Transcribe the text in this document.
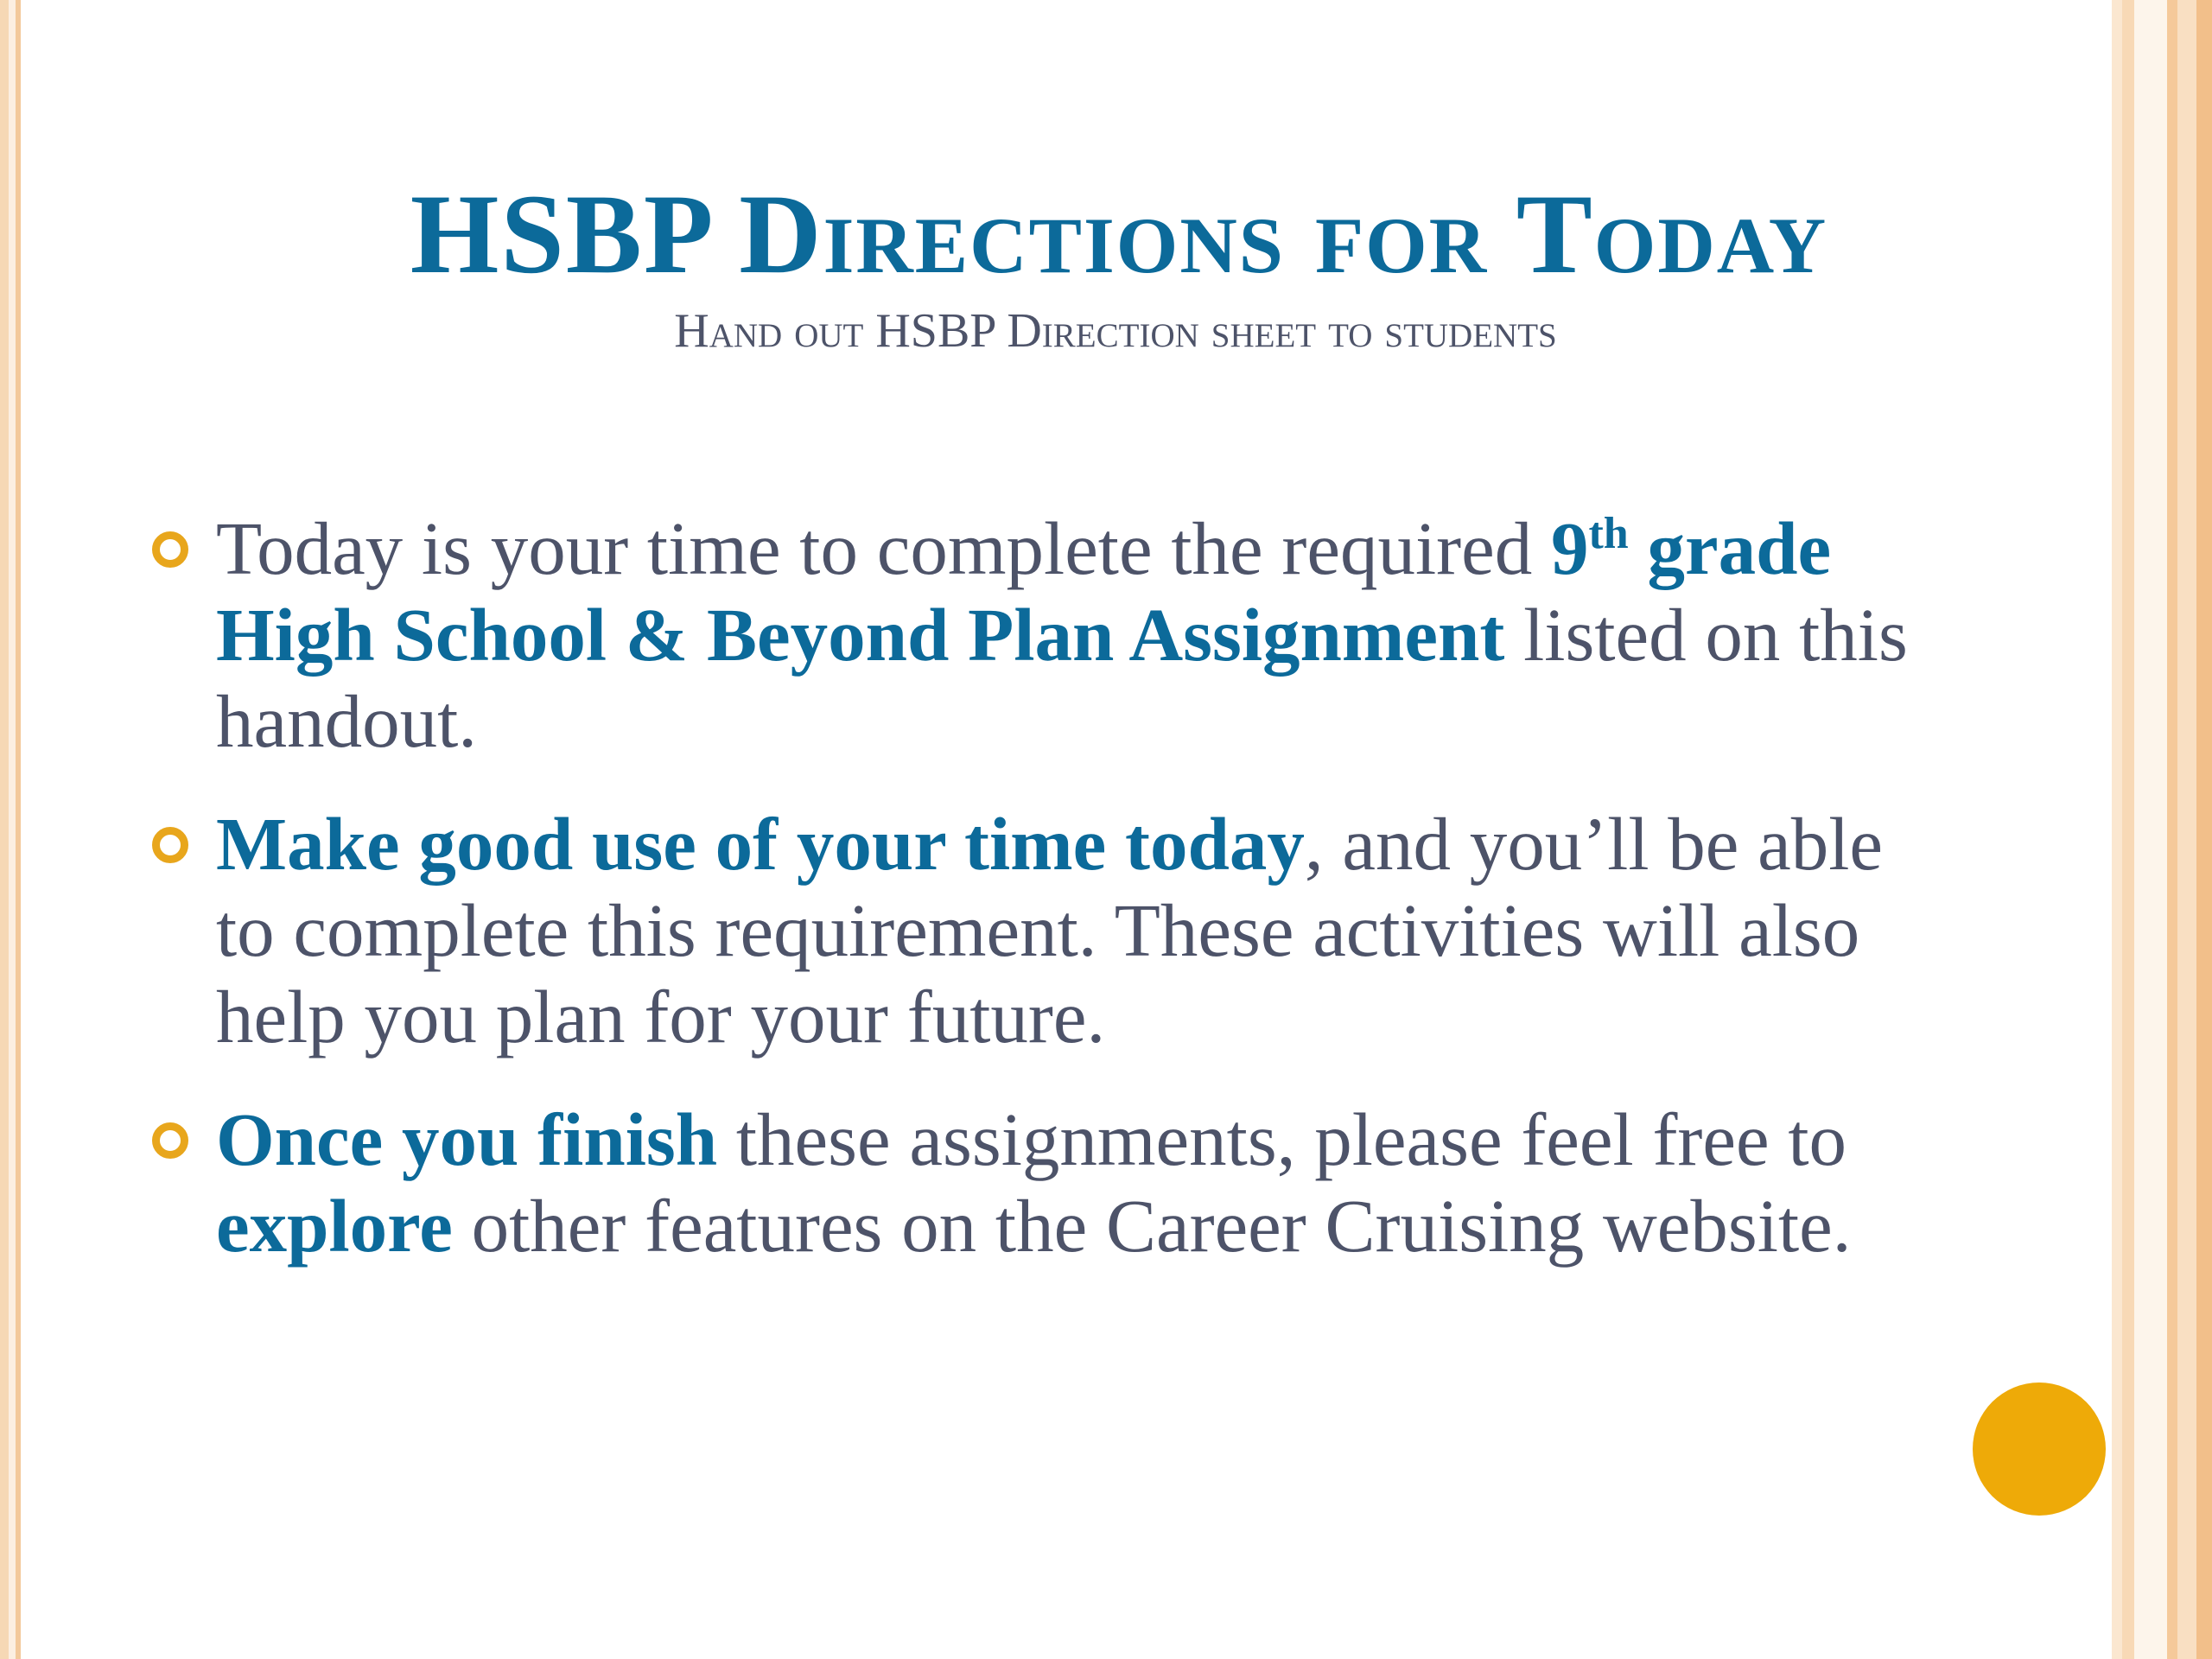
HSBP Directions for Today
Hand out HSBP Direction sheet to students
Today is your time to complete the required 9th grade High School & Beyond Plan Assignment listed on this handout.
Make good use of your time today, and you’ll be able to complete this requirement. These activities will also help you plan for your future.
Once you finish these assignments, please feel free to explore other features on the Career Cruising website.
